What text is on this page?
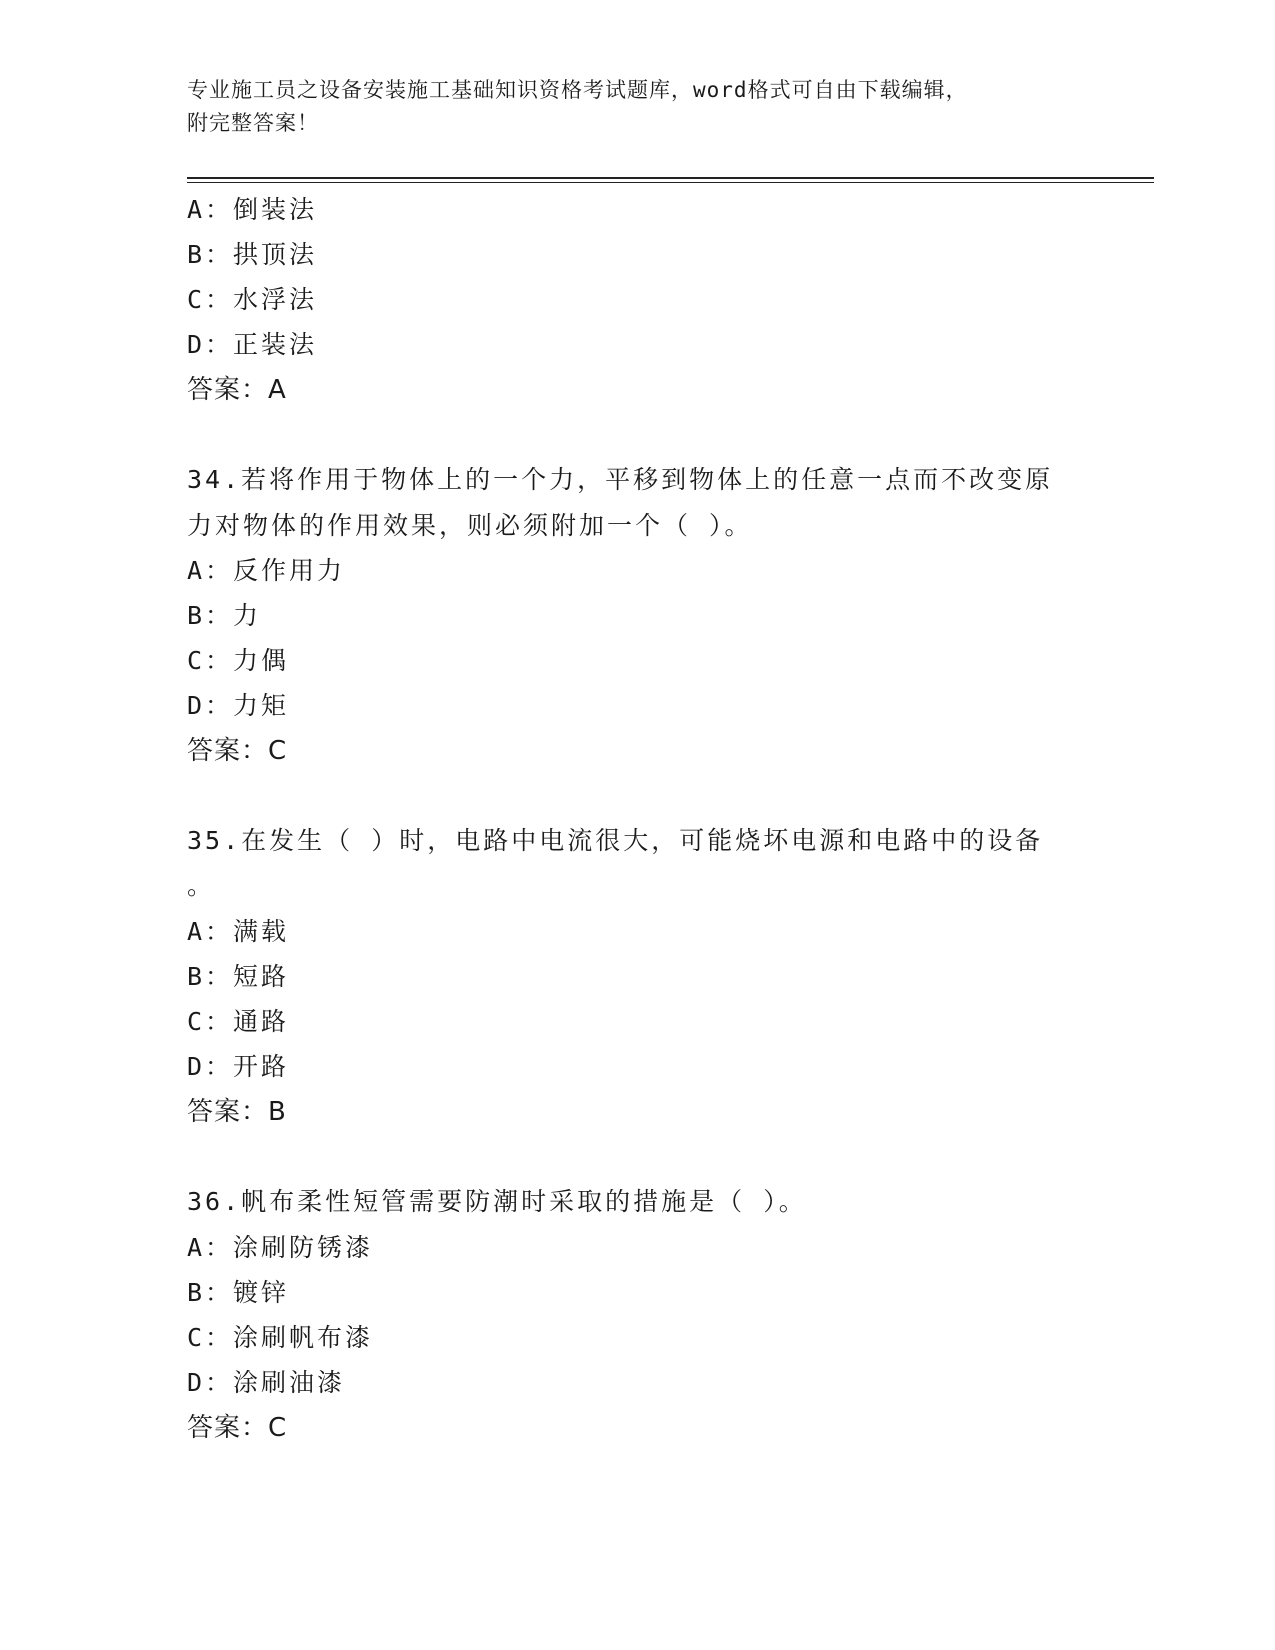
专业施工员之设备安装施工基础知识资格考试题库，word格式可自由下载编辑，
附完整答案！
A：倒装法
B：拱顶法
C：水浮法
D：正装法
答案：A
34.若将作用于物体上的一个力，平移到物体上的任意一点而不改变原
力对物体的作用效果，则必须附加一个（ ）。
A：反作用力
B：力
C：力偶
D：力矩
答案：C
35.在发生（ ）时，电路中电流很大，可能烧坏电源和电路中的设备
。
A：满载
B：短路
C：通路
D：开路
答案：B
36.帆布柔性短管需要防潮时采取的措施是（ ）。
A：涂刷防锈漆
B：镀锌
C：涂刷帆布漆
D：涂刷油漆
答案：C
